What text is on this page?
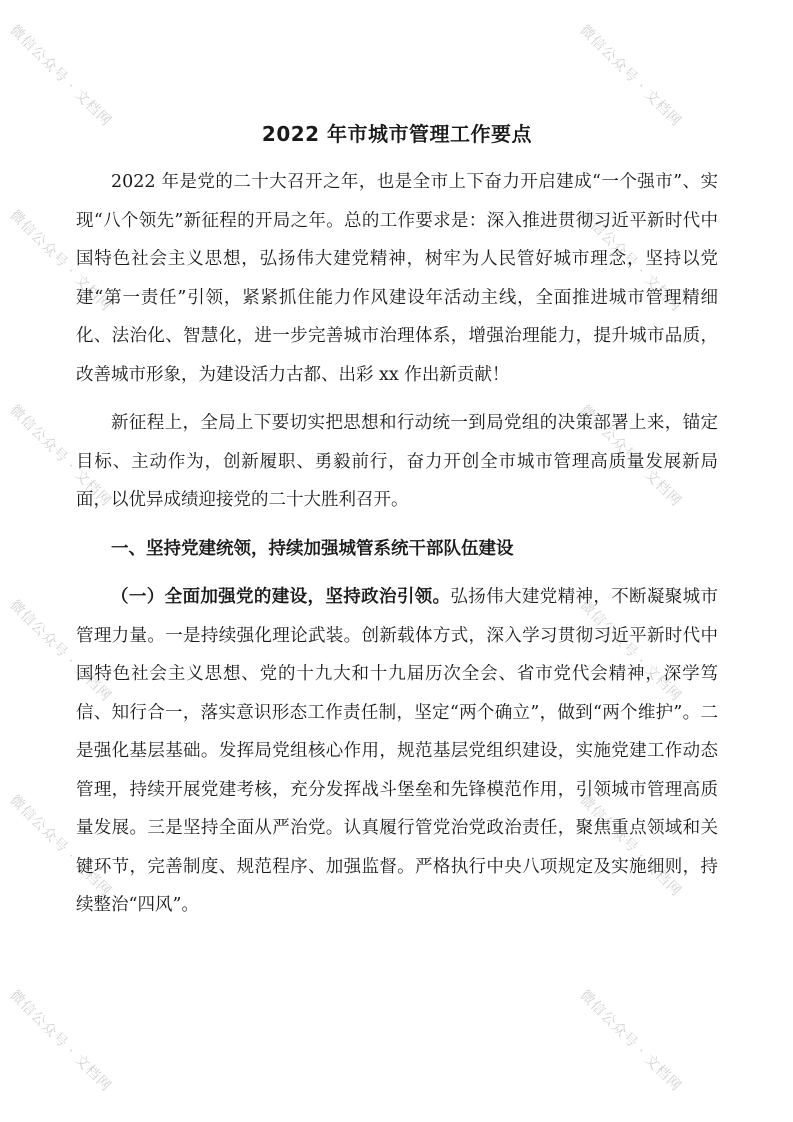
微信公众号 · 文档网	微信公众号 · 文档网
微信公众号 · 文档网	微信公众号 · 文档网
微信公众号 · 文档网	微信公众号 · 文档网
微信公众号 · 文档网	微信公众号 · 文档网
微信公众号 · 文档网	微信公众号 · 文档网
微信公众号 · 文档网	微信公众号 · 文档网
2022 年市城市管理工作要点

2022 年是党的二十大召开之年，也是全市上下奋力开启建成“一个强市”、实现“八个领先”新征程的开局之年。总的工作要求是：深入推进贯彻习近平新时代中国特色社会主义思想，弘扬伟大建党精神，树牢为人民管好城市理念，坚持以党建“第一责任”引领，紧紧抓住能力作风建设年活动主线，全面推进城市管理精细化、法治化、智慧化，进一步完善城市治理体系，增强治理能力，提升城市品质，改善城市形象，为建设活力古都、出彩 xx 作出新贡献！

新征程上，全局上下要切实把思想和行动统一到局党组的决策部署上来，锚定目标、主动作为，创新履职、勇毅前行，奋力开创全市城市管理高质量发展新局面，以优异成绩迎接党的二十大胜利召开。

一、坚持党建统领，持续加强城管系统干部队伍建设

（一）全面加强党的建设，坚持政治引领。弘扬伟大建党精神，不断凝聚城市管理力量。一是持续强化理论武装。创新载体方式，深入学习贯彻习近平新时代中国特色社会主义思想、党的十九大和十九届历次全会、省市党代会精神，深学笃信、知行合一，落实意识形态工作责任制，坚定“两个确立”，做到“两个维护”。二是强化基层基础。发挥局党组核心作用，规范基层党组织建设，实施党建工作动态管理，持续开展党建考核，充分发挥战斗堡垒和先锋模范作用，引领城市管理高质量发展。三是坚持全面从严治党。认真履行管党治党政治责任，聚焦重点领域和关键环节，完善制度、规范程序、加强监督。严格执行中央八项规定及实施细则，持续整治“四风”。
